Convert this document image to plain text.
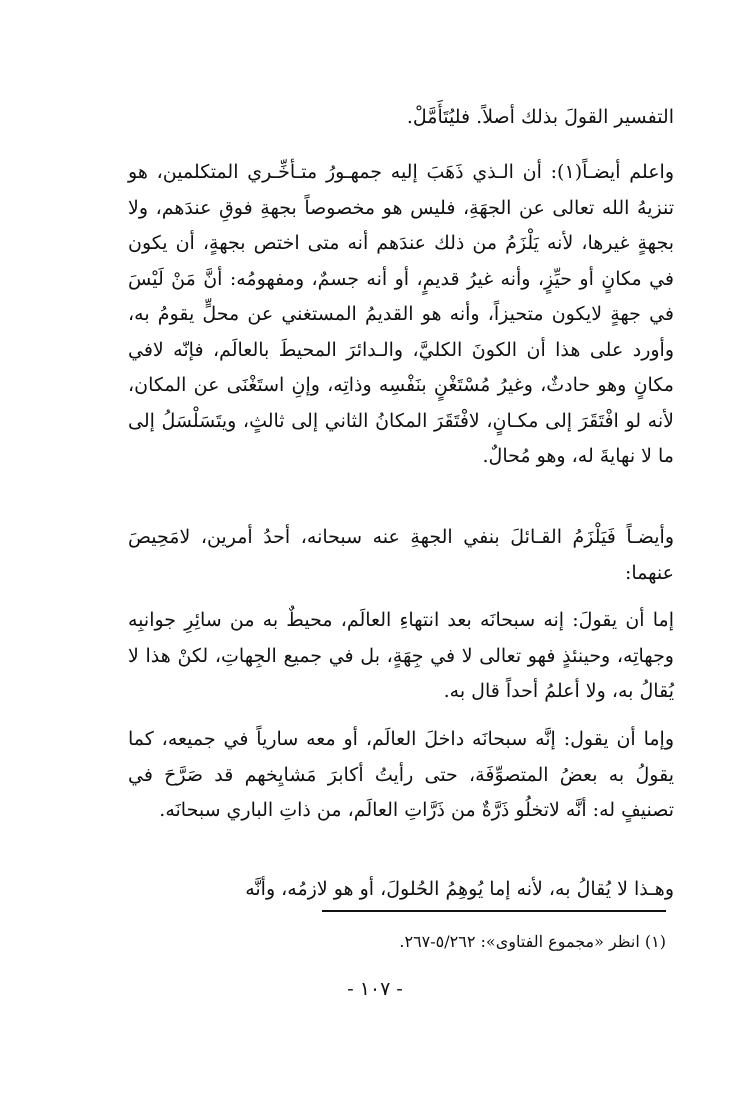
التفسير القولَ بذلك أصلاً. فليُتَأَمَّلْ.

واعلم أيضـاً(١): أن الـذي ذَهَبَ إليه جمهـورُ متـأخِّـري المتكلمين، هو تنزيهُ الله تعالى عن الجهَةِ، فليس هو مخصوصاً بجهةِ فوقِ عندَهم، ولا بجهةٍ غيرها، لأنه يَلْزَمُ من ذلك عندَهم أنه متى اختص بجهةٍ، أن يكون في مكانٍ أو حيِّزٍ، وأنه غيرُ قديمٍ، أو أنه جسمٌ، ومفهومُه: أنَّ مَنْ لَيْسَ في جهةٍ لايكون متحيزاً، وأنه هو القديمُ المستغني عن محلٍّ يقومُ به، وأورد على هذا أن الكونَ الكليَّ، والـدائرَ المحيطَ بالعالَم، فإنّه لافي مكانٍ وهو حادثٌ، وغيرُ مُسْتَغْنٍ بنَفْسِه وذاتِه، وإنِ استَغْنَى عن المكان، لأنه لو افْتَقَرَ إلى مكـانٍ، لافْتَقَرَ المكانُ الثاني إلى ثالثٍ، ويتَسَلْسَلُ إلى ما لا نهايةَ له، وهو مُحالٌ.

وأيضـاً فَيَلْزَمُ القـائلَ بنفي الجهةِ عنه سبحانه، أحدُ أمرين، لامَحِيصَ عنهما:

إما أن يقولَ: إنه سبحانَه بعد انتهاءِ العالَم، محيطٌ به من سائِرِ جوانبِه وجهاتِه، وحينئذٍ فهو تعالى لا في جِهَةٍ، بل في جميع الجِهاتِ، لكنْ هذا لا يُقالُ به، ولا أعلمُ أحداً قال به.

وإما أن يقول: إنَّه سبحانَه داخلَ العالَم، أو معه سارياً في جميعه، كما يقولُ به بعضُ المتصوِّفَة، حتى رأيتُ أكابرَ مَشايِخهم قد صَرَّحَ في تصنيفٍ له: أنَّه لاتخلُو ذَرَّةٌ من ذَرَّاتِ العالَم، من ذاتِ الباري سبحانَه.

وهـذا لا يُقالُ به، لأنه إما يُوهِمُ الحُلولَ، أو هو لازمُه، وأنَّه

(١) انظر «مجموع الفتاوى»: ٥/٢٦٢-٢٦٧.
- ١٠٧ -
